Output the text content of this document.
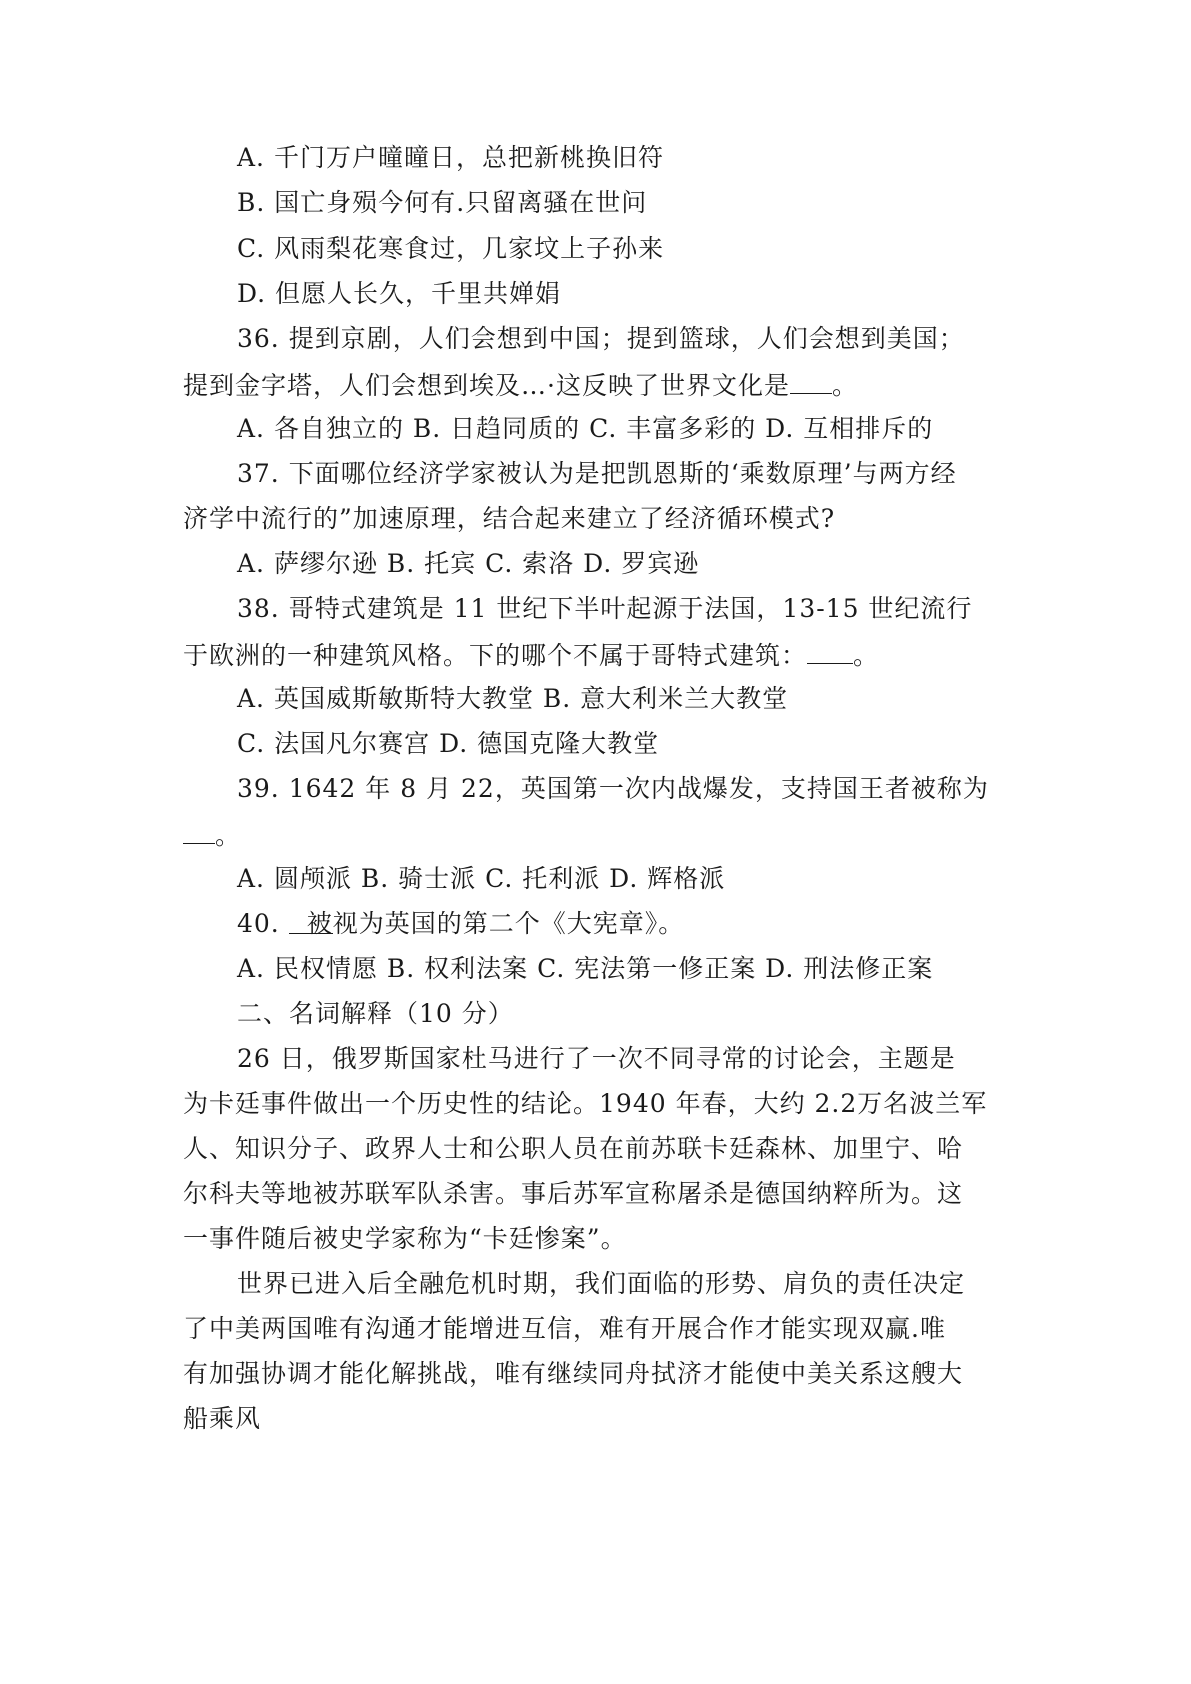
A. 千门万户曈曈日，总把新桃换旧符
B. 国亡身殒今何有.只留离骚在世问
C. 风雨梨花寒食过，几家坟上子孙来
D. 但愿人长久，千里共婵娟
36. 提到京剧，人们会想到中国；提到篮球，人们会想到美国；
提到金字塔，人们会想到埃及…·这反映了世界文化是 。
A. 各自独立的 B. 日趋同质的 C. 丰富多彩的 D. 互相排斥的
37. 下面哪位经济学家被认为是把凯恩斯的‘乘数原理’与两方经
济学中流行的”加速原理，结合起来建立了经济循环模式?
A. 萨缪尔逊 B. 托宾 C. 索洛 D. 罗宾逊
38. 哥特式建筑是 11 世纪下半叶起源于法国，13-15 世纪流行
于欧洲的一种建筑风格。下的哪个不属于哥特式建筑： 。
A. 英国威斯敏斯特大教堂 B. 意大利米兰大教堂
C. 法国凡尔赛宫 D. 德国克隆大教堂
39. 1642 年 8 月 22，英国第一次内战爆发，支持国王者被称为
。
A. 圆颅派 B. 骑士派 C. 托利派 D. 辉格派
40. 被视为英国的第二个《大宪章》。
A. 民权情愿 B. 权利法案 C. 宪法第一修正案 D. 刑法修正案
二、名词解释（10 分）
26 日，俄罗斯国家杜马进行了一次不同寻常的讨论会，主题是
为卡廷事件做出一个历史性的结论。1940 年春，大约 2.2万名波兰军
人、知识分子、政界人士和公职人员在前苏联卡廷森林、加里宁、哈
尔科夫等地被苏联军队杀害。事后苏军宣称屠杀是德国纳粹所为。这
一事件随后被史学家称为“卡廷惨案”。
世界已进入后全融危机时期，我们面临的形势、肩负的责任决定
了中美两国唯有沟通才能增进互信，难有开展合作才能实现双赢.唯
有加强协调才能化解挑战，唯有继续同舟拭济才能使中美关系这艘大
船乘风
